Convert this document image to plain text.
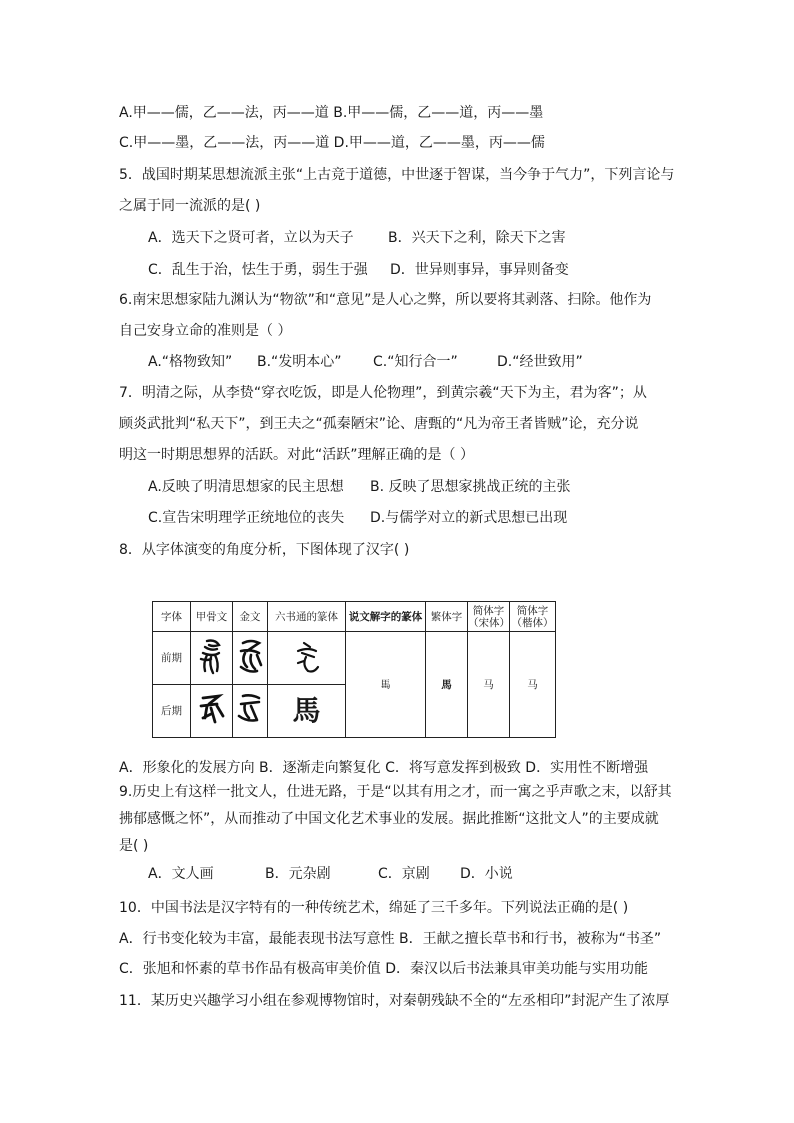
A.甲——儒，乙——法，丙——道 B.甲——儒，乙——道，丙——墨
C.甲——墨，乙——法，丙——道 D.甲——道，乙——墨，丙——儒
5．战国时期某思想流派主张“上古竞于道德，中世逐于智谋，当今争于气力”，下列言论与
之属于同一流派的是( )
A．选天下之贤可者，立以为天子 B．兴天下之利，除天下之害
C．乱生于治，怯生于勇，弱生于强 D．世异则事异，事异则备变
6.南宋思想家陆九渊认为“物欲”和“意见”是人心之弊，所以要将其剥落、扫除。他作为
自己安身立命的准则是（ ）
A.“格物致知” B.“发明本心” C.“知行合一”	D.“经世致用”
7．明清之际，从李贽“穿衣吃饭，即是人伦物理”，到黄宗羲“天下为主，君为客”；从
顾炎武批判“私天下”，到王夫之“孤秦陋宋”论、唐甄的“凡为帝王者皆贼”论，充分说
明这一时期思想界的活跃。对此“活跃”理解正确的是（ ）
A.反映了明清思想家的民主思想 B. 反映了思想家挑战正统的主张
C.宣告宋明理学正统地位的丧失 D.与儒学对立的新式思想已出现
8．从字体演变的角度分析，下图体现了汉字( )
字体	甲骨文	金文	六书通的篆体	说文解字的篆体	繁体字	简体字（宋体）	简体字（楷体）
前期				𩡧	馬	马	马
后期			馬				
A．形象化的发展方向 B．逐渐走向繁复化 C．将写意发挥到极致 D．实用性不断增强
9.历史上有这样一批文人，仕进无路，于是“以其有用之才，而一寓之乎声歌之末，以舒其
拂郁感慨之怀”，从而推动了中国文化艺术事业的发展。据此推断“这批文人”的主要成就
是( )
A．文人画	B．元杂剧	C．京剧 D．小说
10．中国书法是汉字特有的一种传统艺术，绵延了三千多年。下列说法正确的是( )
A．行书变化较为丰富，最能表现书法写意性 B．王献之擅长草书和行书，被称为“书圣”
C．张旭和怀素的草书作品有极高审美价值 D．秦汉以后书法兼具审美功能与实用功能
11．某历史兴趣学习小组在参观博物馆时，对秦朝残缺不全的“左丞相印”封泥产生了浓厚
